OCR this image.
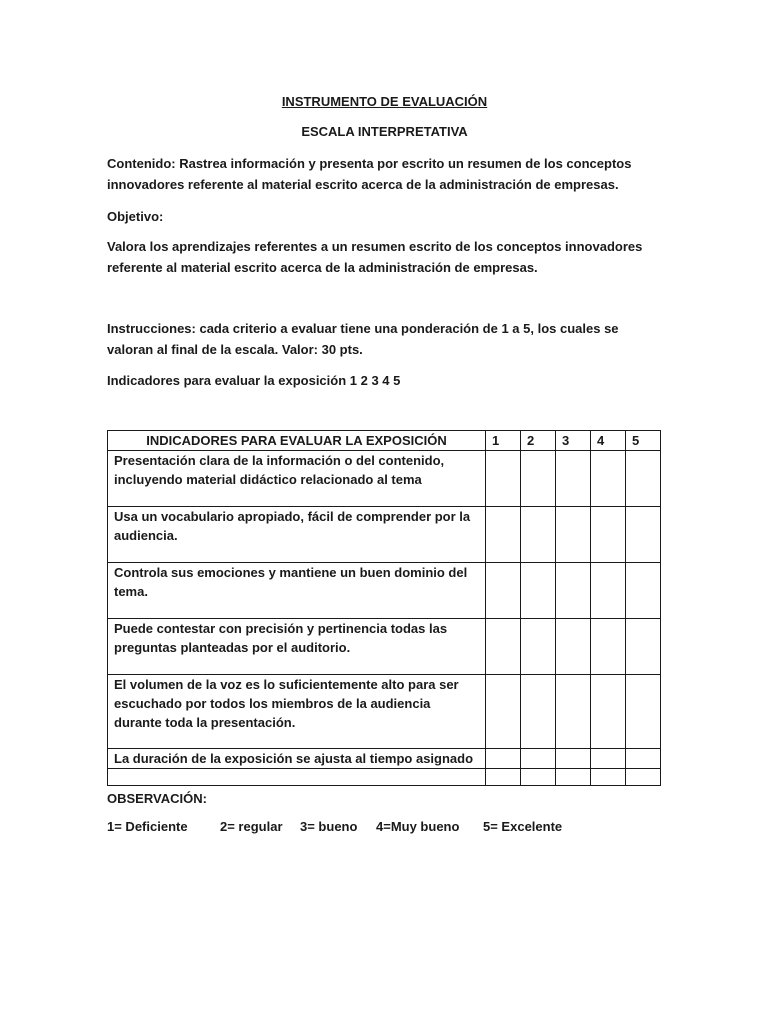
INSTRUMENTO DE EVALUACIÓN
ESCALA INTERPRETATIVA

Contenido: Rastrea información y presenta por escrito un resumen de los conceptos innovadores referente al material escrito acerca de la administración de empresas.

Objetivo:

Valora los aprendizajes referentes a un resumen escrito de los conceptos innovadores referente al material escrito acerca de la administración de empresas.

Instrucciones: cada criterio a evaluar tiene una ponderación de 1 a 5, los cuales se valoran al final de la escala. Valor: 30 pts.

Indicadores para evaluar la exposición 1 2 3 4 5

INDICADORES PARA EVALUAR LA EXPOSICIÓN	1	2	3	4	5
Presentación clara de la información o del contenido, incluyendo material didáctico relacionado al tema					
Usa un vocabulario apropiado, fácil de comprender por la audiencia.					
Controla sus emociones y mantiene un buen dominio del tema.					
Puede contestar con precisión y pertinencia todas las preguntas planteadas por el auditorio.					
El volumen de la voz es lo suficientemente alto para ser escuchado por todos los miembros de la audiencia durante toda la presentación.					
La duración de la exposición se ajusta al tiempo asignado					

OBSERVACIÓN:

1= Deficiente 2= regular 3= bueno 4=Muy bueno 5= Excelente
